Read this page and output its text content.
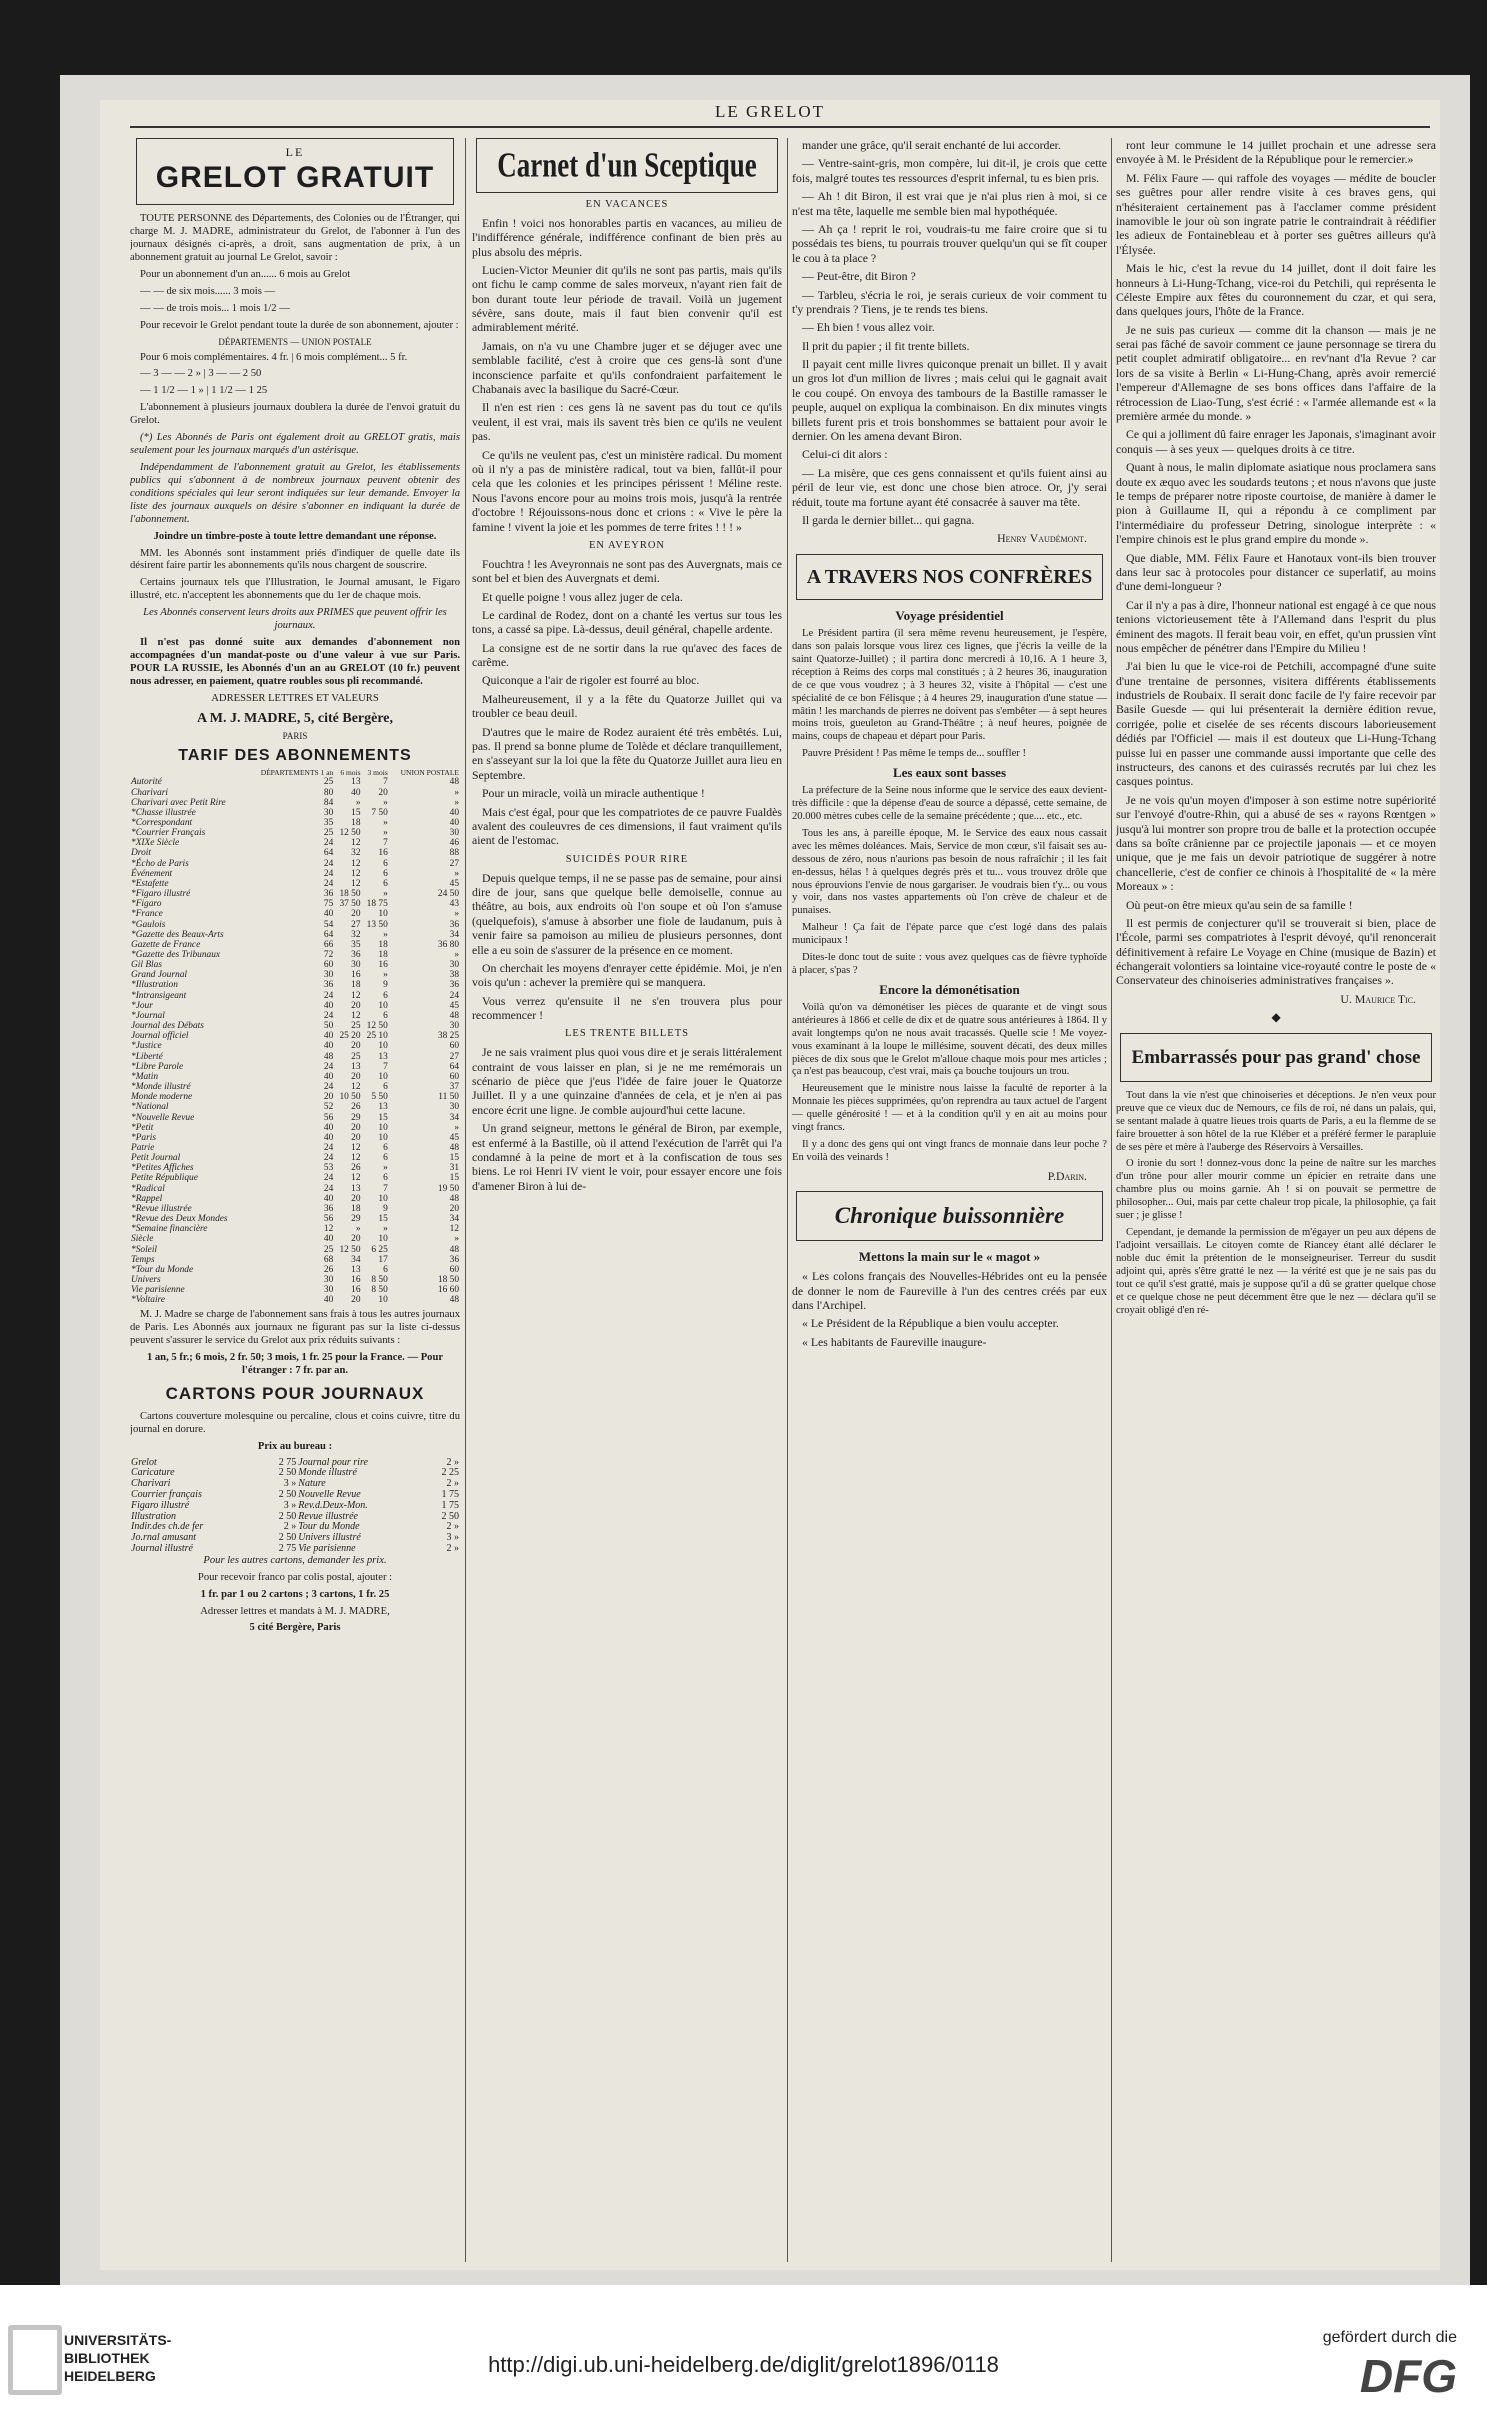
LE GRELOT
LE
GRELOT GRATUIT

TOUTE PERSONNE des Départements, des Colonies ou de l'Étranger, qui charge M. J. MADRE, administrateur du Grelot, de l'abonner à l'un des journaux désignés ci-après, a droit, sans augmentation de prix, à un abonnement gratuit au journal Le Grelot, savoir :

Pour un abonnement d'un an...... 6 mois au Grelot

— — de six mois...... 3 mois —

— — de trois mois... 1 mois 1/2 —

Pour recevoir le Grelot pendant toute la durée de son abonnement, ajouter :

DÉPARTEMENTS — UNION POSTALE

Pour 6 mois complémentaires. 4 fr. | 6 mois complément... 5 fr.

— 3 — — 2 » | 3 — — 2 50

— 1 1/2 — 1 » | 1 1/2 — 1 25

L'abonnement à plusieurs journaux doublera la durée de l'envoi gratuit du Grelot.

(*) Les Abonnés de Paris ont également droit au GRELOT gratis, mais seulement pour les journaux marqués d'un astérisque.

Indépendamment de l'abonnement gratuit au Grelot, les établissements publics qui s'abonnent à de nombreux journaux peuvent obtenir des conditions spéciales qui leur seront indiquées sur leur demande. Envoyer la liste des journaux auxquels on désire s'abonner en indiquant la durée de l'abonnement.

Joindre un timbre-poste à toute lettre demandant une réponse.

MM. les Abonnés sont instamment priés d'indiquer de quelle date ils désirent faire partir les abonnements qu'ils nous chargent de souscrire.

Certains journaux tels que l'Illustration, le Journal amusant, le Figaro illustré, etc. n'acceptent les abonnements que du 1er de chaque mois.

Les Abonnés conservent leurs droits aux PRIMES que peuvent offrir les journaux.

Il n'est pas donné suite aux demandes d'abonnement non accompagnées d'un mandat-poste ou d'une valeur à vue sur Paris. POUR LA RUSSIE, les Abonnés d'un an au GRELOT (10 fr.) peuvent nous adresser, en paiement, quatre roubles sous pli recommandé.

ADRESSER LETTRES ET VALEURS

A M. J. MADRE, 5, cité Bergère,

PARIS

TARIF DES ABONNEMENTS
	DÉPARTEMENTS 1 an	6 mois	3 mois	UNION POSTALE
Autorité	25	13	7	48
Charivari	80	40	20	»
Charivari avec Petit Rire	84	»	»	»
*Chasse illustrée	30	15	7 50	40
*Correspondant	35	18	»	40
*Courrier Français	25	12 50	»	30
*XIXe Siècle	24	12	7	46
Droit	64	32	16	88
*Écho de Paris	24	12	6	27
Événement	24	12	6	»
*Estafette	24	12	6	45
*Figaro illustré	36	18 50	»	24 50
*Figaro	75	37 50	18 75	43
*France	40	20	10	»
*Gaulois	54	27	13 50	36
*Gazette des Beaux-Arts	64	32	»	34
Gazette de France	66	35	18	36 80
*Gazette des Tribunaux	72	36	18	»
Gil Blas	60	30	16	30
Grand Journal	30	16	»	38
*Illustration	36	18	9	36
*Intransigeant	24	12	6	24
*Jour	40	20	10	45
*Journal	24	12	6	48
Journal des Débats	50	25	12 50	30
Journal officiel	40	25 20	25 10	38 25
*Justice	40	20	10	60
*Liberté	48	25	13	27
*Libre Parole	24	13	7	64
*Matin	40	20	10	60
*Monde illustré	24	12	6	37
Monde moderne	20	10 50	5 50	11 50
*National	52	26	13	30
*Nouvelle Revue	56	29	15	34
*Petit	40	20	10	»
*Paris	40	20	10	45
Patrie	24	12	6	48
Petit Journal	24	12	6	15
*Petites Affiches	53	26	»	31
Petite République	24	12	6	15
*Radical	24	13	7	19 50
*Rappel	40	20	10	48
*Revue illustrée	36	18	9	20
*Revue des Deux Mondes	56	29	15	34
*Semaine financière	12	»	»	12
Siècle	40	20	10	»
*Soleil	25	12 50	6 25	48
Temps	68	34	17	36
*Tour du Monde	26	13	6	60
Univers	30	16	8 50	18 50
Vie parisienne	30	16	8 50	16 60
*Voltaire	40	20	10	48

M. J. Madre se charge de l'abonnement sans frais à tous les autres journaux de Paris. Les Abonnés aux journaux ne figurant pas sur la liste ci-dessus peuvent s'assurer le service du Grelot aux prix réduits suivants :

1 an, 5 fr.; 6 mois, 2 fr. 50; 3 mois, 1 fr. 25 pour la France. — Pour l'étranger : 7 fr. par an.

CARTONS POUR JOURNAUX

Cartons couverture molesquine ou percaline, clous et coins cuivre, titre du journal en dorure.

Prix au bureau :

Grelot	2 75	Journal pour rire	2 »
Caricature	2 50	Monde illustré	2 25
Charivari	3 »	Nature	2 »
Courrier français	2 50	Nouvelle Revue	1 75
Figaro illustré	3 »	Rev.d.Deux-Mon.	1 75
Illustration	2 50	Revue illustrée	2 50
Indir.des ch.de fer	2 »	Tour du Monde	2 »
Jo.rnal amusant	2 50	Univers illustré	3 »
Journal illustré	2 75	Vie parisienne	2 »

Pour les autres cartons, demander les prix.

Pour recevoir franco par colis postal, ajouter :

1 fr. par 1 ou 2 cartons ; 3 cartons, 1 fr. 25

Adresser lettres et mandats à M. J. MADRE,

5 cité Bergère, Paris

Carnet d'un Sceptique
EN VACANCES

Enfin ! voici nos honorables partis en vacances, au milieu de l'indifférence générale, indifférence confinant de bien près au plus absolu des mépris.

Lucien-Victor Meunier dit qu'ils ne sont pas partis, mais qu'ils ont fichu le camp comme de sales morveux, n'ayant rien fait de bon durant toute leur période de travail. Voilà un jugement sévère, sans doute, mais il faut bien convenir qu'il est admirablement mérité.

Jamais, on n'a vu une Chambre juger et se déjuger avec une semblable facilité, c'est à croire que ces gens-là sont d'une inconscience parfaite et qu'ils confondraient parfaitement le Chabanais avec la basilique du Sacré-Cœur.

Il n'en est rien : ces gens là ne savent pas du tout ce qu'ils veulent, il est vrai, mais ils savent très bien ce qu'ils ne veulent pas.

Ce qu'ils ne veulent pas, c'est un ministère radical. Du moment où il n'y a pas de ministère radical, tout va bien, fallût-il pour cela que les colonies et les principes périssent ! Méline reste. Nous l'avons encore pour au moins trois mois, jusqu'à la rentrée d'octobre ! Réjouissons-nous donc et crions : « Vive le père la famine ! vivent la joie et les pommes de terre frites ! ! ! »

EN AVEYRON

Fouchtra ! les Aveyronnais ne sont pas des Auvergnats, mais ce sont bel et bien des Auvergnats et demi.

Et quelle poigne ! vous allez juger de cela.

Le cardinal de Rodez, dont on a chanté les vertus sur tous les tons, a cassé sa pipe. Là-dessus, deuil général, chapelle ardente.

La consigne est de ne sortir dans la rue qu'avec des faces de carême.

Quiconque a l'air de rigoler est fourré au bloc.

Malheureusement, il y a la fête du Quatorze Juillet qui va troubler ce beau deuil.

D'autres que le maire de Rodez auraient été très embêtés. Lui, pas. Il prend sa bonne plume de Tolède et déclare tranquillement, en s'asseyant sur la loi que la fête du Quatorze Juillet aura lieu en Septembre.

Pour un miracle, voilà un miracle authentique !

Mais c'est égal, pour que les compatriotes de ce pauvre Fualdès avalent des couleuvres de ces dimensions, il faut vraiment qu'ils aient de l'estomac.

SUICIDÉS POUR RIRE

Depuis quelque temps, il ne se passe pas de semaine, pour ainsi dire de jour, sans que quelque belle demoiselle, connue au théâtre, au bois, aux endroits où l'on soupe et où l'on s'amuse (quelquefois), s'amuse à absorber une fiole de laudanum, puis à venir faire sa pamoison au milieu de plusieurs personnes, dont elle a eu soin de s'assurer de la présence en ce moment.

On cherchait les moyens d'enrayer cette épidémie. Moi, je n'en vois qu'un : achever la première qui se manquera.

Vous verrez qu'ensuite il ne s'en trouvera plus pour recommencer !

LES TRENTE BILLETS

Je ne sais vraiment plus quoi vous dire et je serais littéralement contraint de vous laisser en plan, si je ne me remémorais un scénario de pièce que j'eus l'idée de faire jouer le Quatorze Juillet. Il y a une quinzaine d'années de cela, et je n'en ai pas encore écrit une ligne. Je comble aujourd'hui cette lacune.

Un grand seigneur, mettons le général de Biron, par exemple, est enfermé à la Bastille, où il attend l'exécution de l'arrêt qui l'a condamné à la peine de mort et à la confiscation de tous ses biens. Le roi Henri IV vient le voir, pour essayer encore une fois d'amener Biron à lui de-

mander une grâce, qu'il serait enchanté de lui accorder.

— Ventre-saint-gris, mon compère, lui dit-il, je crois que cette fois, malgré toutes tes ressources d'esprit infernal, tu es bien pris.

— Ah ! dit Biron, il est vrai que je n'ai plus rien à moi, si ce n'est ma tête, laquelle me semble bien mal hypothéquée.

— Ah ça ! reprit le roi, voudrais-tu me faire croire que si tu possédais tes biens, tu pourrais trouver quelqu'un qui se fît couper le cou à ta place ?

— Peut-être, dit Biron ?

— Tarbleu, s'écria le roi, je serais curieux de voir comment tu t'y prendrais ? Tiens, je te rends tes biens.

— Eh bien ! vous allez voir.

Il prit du papier ; il fit trente billets.

Il payait cent mille livres quiconque prenait un billet. Il y avait un gros lot d'un million de livres ; mais celui qui le gagnait avait le cou coupé. On envoya des tambours de la Bastille ramasser le peuple, auquel on expliqua la combinaison. En dix minutes vingts billets furent pris et trois bonshommes se battaient pour avoir le dernier. On les amena devant Biron.

Celui-ci dit alors :

— La misère, que ces gens connaissent et qu'ils fuient ainsi au péril de leur vie, est donc une chose bien atroce. Or, j'y serai réduit, toute ma fortune ayant été consacrée à sauver ma tête.

Il garda le dernier billet... qui gagna.

Henry Vaudémont.
A TRAVERS NOS CONFRÈRES
Voyage présidentiel

Le Président partira (il sera même revenu heureusement, je l'espère, dans son palais lorsque vous lirez ces lignes, que j'écris la veille de la saint Quatorze-Juillet) ; il partira donc mercredi à 10,16. A 1 heure 3, réception à Reims des corps mal constitués ; à 2 heures 36, inauguration de ce que vous voudrez ; à 3 heures 32, visite à l'hôpital — c'est une spécialité de ce bon Félisque ; à 4 heures 29, inauguration d'une statue — mâtin ! les marchands de pierres ne doivent pas s'embêter — à sept heures moins trois, gueuleton au Grand-Théâtre ; à neuf heures, poignée de mains, coups de chapeau et départ pour Paris.

Pauvre Président ! Pas même le temps de... souffler !

Les eaux sont basses

La préfecture de la Seine nous informe que le service des eaux devient-très difficile : que la dépense d'eau de source a dépassé, cette semaine, de 20.000 mètres cubes celle de la semaine précédente ; que.... etc., etc.

Tous les ans, à pareille époque, M. le Service des eaux nous cassait avec les mêmes doléances. Mais, Service de mon cœur, s'il faisait ses au-dessous de zéro, nous n'aurions pas besoin de nous rafraîchir ; il les fait en-dessus, hélas ! à quelques degrés près et tu... vous trouvez drôle que nous éprouvions l'envie de nous gargariser. Je voudrais bien t'y... ou vous y voir, dans nos vastes appartements où l'on crève de chaleur et de punaises.

Malheur ! Ça fait de l'épate parce que c'est logé dans des palais municipaux !

Dites-le donc tout de suite : vous avez quelques cas de fièvre typhoïde à placer, s'pas ?

Encore la démonétisation

Voilà qu'on va démonétiser les pièces de quarante et de vingt sous antérieures à 1866 et celle de dix et de quatre sous antérieures à 1864. Il y avait longtemps qu'on ne nous avait tracassés. Quelle scie ! Me voyez-vous examinant à la loupe le millésime, souvent décati, des deux milles pièces de dix sous que le Grelot m'alloue chaque mois pour mes articles ; ça n'est pas beaucoup, c'est vrai, mais ça bouche toujours un trou.

Heureusement que le ministre nous laisse la faculté de reporter à la Monnaie les pièces supprimées, qu'on reprendra au taux actuel de l'argent — quelle générosité ! — et à la condition qu'il y en ait au moins pour vingt francs.

Il y a donc des gens qui ont vingt francs de monnaie dans leur poche ? En voilà des veinards !

P.Darin.
Chronique buissonnière
Mettons la main sur le « magot »

« Les colons français des Nouvelles-Hébrides ont eu la pensée de donner le nom de Faureville à l'un des centres créés par eux dans l'Archipel.

« Le Président de la République a bien voulu accepter.

« Les habitants de Faureville inaugure-

ront leur commune le 14 juillet prochain et une adresse sera envoyée à M. le Président de la République pour le remercier.»

M. Félix Faure — qui raffole des voyages — médite de boucler ses guêtres pour aller rendre visite à ces braves gens, qui n'hésiteraient certainement pas à l'acclamer comme président inamovible le jour où son ingrate patrie le contraindrait à réédifier les adieux de Fontainebleau et à porter ses guêtres ailleurs qu'à l'Élysée.

Mais le hic, c'est la revue du 14 juillet, dont il doit faire les honneurs à Li-Hung-Tchang, vice-roi du Petchili, qui représenta le Céleste Empire aux fêtes du couronnement du czar, et qui sera, dans quelques jours, l'hôte de la France.

Je ne suis pas curieux — comme dit la chanson — mais je ne serai pas fâché de savoir comment ce jaune personnage se tirera du petit couplet admiratif obligatoire... en rev'nant d'la Revue ? car lors de sa visite à Berlin « Li-Hung-Chang, après avoir remercié l'empereur d'Allemagne de ses bons offices dans l'affaire de la rétrocession de Liao-Tung, s'est écrié : « l'armée allemande est « la première armée du monde. »

Ce qui a jolliment dû faire enrager les Japonais, s'imaginant avoir conquis — à ses yeux — quelques droits à ce titre.

Quant à nous, le malin diplomate asiatique nous proclamera sans doute ex æquo avec les soudards teutons ; et nous n'avons que juste le temps de préparer notre riposte courtoise, de manière à damer le pion à Guillaume II, qui a répondu à ce compliment par l'intermédiaire du professeur Detring, sinologue interprète : « l'empire chinois est le plus grand empire du monde ».

Que diable, MM. Félix Faure et Hanotaux vont-ils bien trouver dans leur sac à protocoles pour distancer ce superlatif, au moins d'une demi-longueur ?

Car il n'y a pas à dire, l'honneur national est engagé à ce que nous tenions victorieusement tête à l'Allemand dans l'esprit du plus éminent des magots. Il ferait beau voir, en effet, qu'un prussien vînt nous empêcher de pénétrer dans l'Empire du Milieu !

J'ai bien lu que le vice-roi de Petchili, accompagné d'une suite d'une trentaine de personnes, visitera différents établissements industriels de Roubaix. Il serait donc facile de l'y faire recevoir par Basile Guesde — qui lui présenterait la dernière édition revue, corrigée, polie et ciselée de ses récents discours laborieusement dédiés par l'Officiel — mais il est douteux que Li-Hung-Tchang puisse lui en passer une commande aussi importante que celle des instructeurs, des canons et des cuirassés recrutés par lui chez les casques pointus.

Je ne vois qu'un moyen d'imposer à son estime notre supériorité sur l'envoyé d'outre-Rhin, qui a abusé de ses « rayons Rœntgen » jusqu'à lui montrer son propre trou de balle et la protection occupée dans sa boîte crânienne par ce projectile japonais — et ce moyen unique, que je me fais un devoir patriotique de suggérer à notre chancellerie, c'est de confier ce chinois à l'hospitalité de « la mère Moreaux » :

Où peut-on être mieux qu'au sein de sa famille !

Il est permis de conjecturer qu'il se trouverait si bien, place de l'École, parmi ses compatriotes à l'esprit dévoyé, qu'il renoncerait définitivement à refaire Le Voyage en Chine (musique de Bazin) et échangerait volontiers sa lointaine vice-royauté contre le poste de « Conservateur des chinoiseries administratives françaises ».

U. Maurice Tic.
◆
Embarrassés pour pas grand' chose

Tout dans la vie n'est que chinoiseries et déceptions. Je n'en veux pour preuve que ce vieux duc de Nemours, ce fils de roi, né dans un palais, qui, se sentant malade à quatre lieues trois quarts de Paris, a eu la flemme de se faire brouetter à son hôtel de la rue Kléber et a préféré fermer le parapluie de ses père et mère à l'auberge des Réservoirs à Versailles.

O ironie du sort ! donnez-vous donc la peine de naître sur les marches d'un trône pour aller mourir comme un épicier en retraite dans une chambre plus ou moins garnie. Ah ! si on pouvait se permettre de philosopher... Oui, mais par cette chaleur trop picale, la philosophie, ça fait suer ; je glisse !

Cependant, je demande la permission de m'égayer un peu aux dépens de l'adjoint versaillais. Le citoyen comte de Riancey étant allé déclarer le noble duc émit la prétention de le monseigneuriser. Terreur du susdit adjoint qui, après s'être gratté le nez — la vérité est que je ne sais pas du tout ce qu'il s'est gratté, mais je suppose qu'il a dû se gratter quelque chose et ce quelque chose ne peut décemment être que le nez — déclara qu'il se croyait obligé d'en ré-

UNIVERSITÄTS-
BIBLIOTHEK
HEIDELBERG	http://digi.ub.uni-heidelberg.de/diglit/grelot1896/0118
gefördert durch die
DFG
